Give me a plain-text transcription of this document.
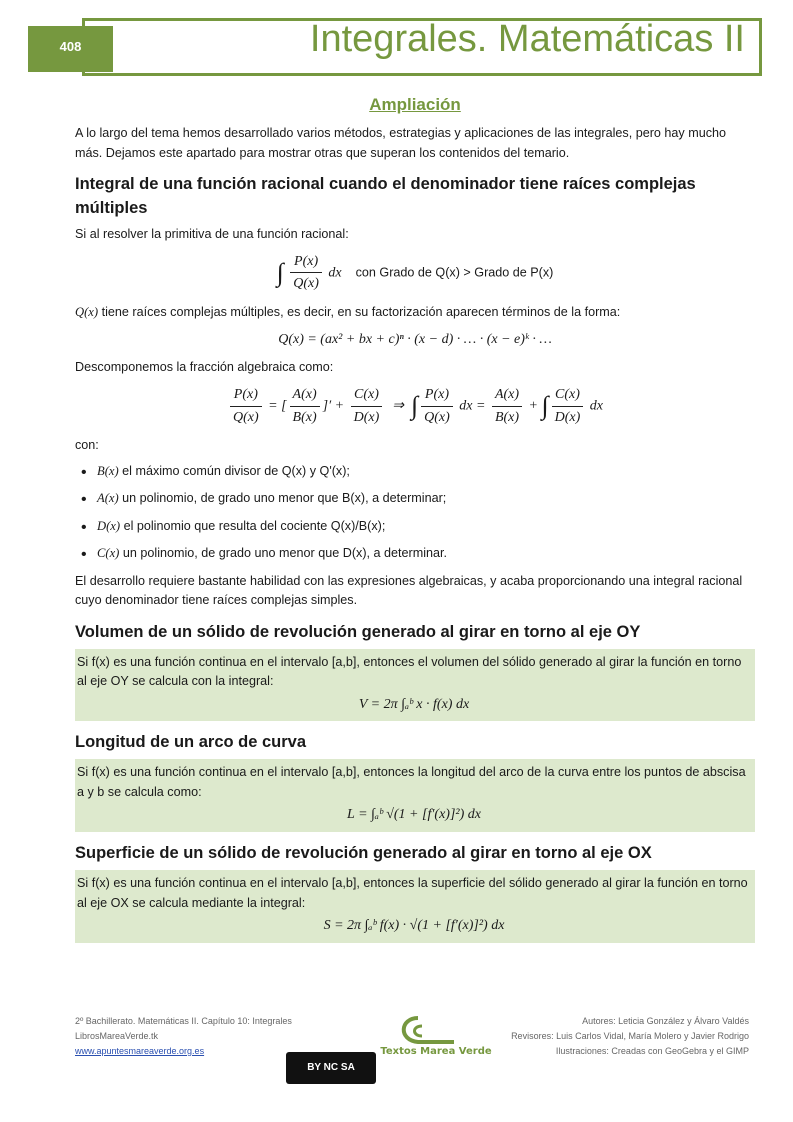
408	Integrales. Matemáticas II
Ampliación

A lo largo del tema hemos desarrollado varios métodos, estrategias y aplicaciones de las integrales, pero hay mucho más. Dejamos este apartado para mostrar otras que superan los contenidos del temario.

Integral de una función racional cuando el denominador tiene raíces complejas múltiples

Si al resolver la primitiva de una función racional:

∫ $\frac{P(x)}{Q(x)}$ dx    con Grado de Q(x) > Grado de P(x)

Q(x) tiene raíces complejas múltiples, es decir, en su factorización aparecen términos de la forma:

Q(x) = (ax² + bx + c)ⁿ · (x − d) · … · (x − e)ᵏ · …

Descomponemos la fracción algebraica como:

$\frac{P(x)}{Q(x)}$ = [ $\frac{A(x)}{B(x)}$ ]′ + $\frac{C(x)}{D(x)}$ ⇒  ∫ $\frac{P(x)}{Q(x)}$ dx = $\frac{A(x)}{B(x)}$ + ∫ $\frac{C(x)}{D(x)}$ dx

con:

• B(x) el máximo común divisor de Q(x) y Q'(x);
• A(x) un polinomio, de grado uno menor que B(x), a determinar;
• D(x) el polinomio que resulta del cociente Q(x)/B(x);
• C(x) un polinomio, de grado uno menor que D(x), a determinar.

El desarrollo requiere bastante habilidad con las expresiones algebraicas, y acaba proporcionando una integral racional cuyo denominador tiene raíces complejas simples.

Volumen de un sólido de revolución generado al girar en torno al eje OY

Si f(x) es una función continua en el intervalo [a,b], entonces el volumen del sólido generado al girar la función en torno al eje OY se calcula con la integral:

V = 2π ∫ₐᵇ x · f(x) dx
Longitud de un arco de curva

Si f(x) es una función continua en el intervalo [a,b], entonces la longitud del arco de la curva entre los puntos de abscisa a y b se calcula como:

L = ∫ₐᵇ √(1 + [f′(x)]²) dx
Superficie de un sólido de revolución generado al girar en torno al eje OX

Si f(x) es una función continua en el intervalo [a,b], entonces la superficie del sólido generado al girar la función en torno al eje OX se calcula mediante la integral:

S = 2π ∫ₐᵇ f(x) · √(1 + [f′(x)]²) dx
2º Bachillerato. Matemáticas II. Capítulo 10: Integrales
LibrosMareaVerde.tk
www.apuntesmareaverde.org.es	Textos Marea Verde
BY NC SA
Autores: Leticia González y Álvaro Valdés
Revisores: Luis Carlos Vidal, María Molero y Javier Rodrigo
Ilustraciones: Creadas con GeoGebra y el GIMP
